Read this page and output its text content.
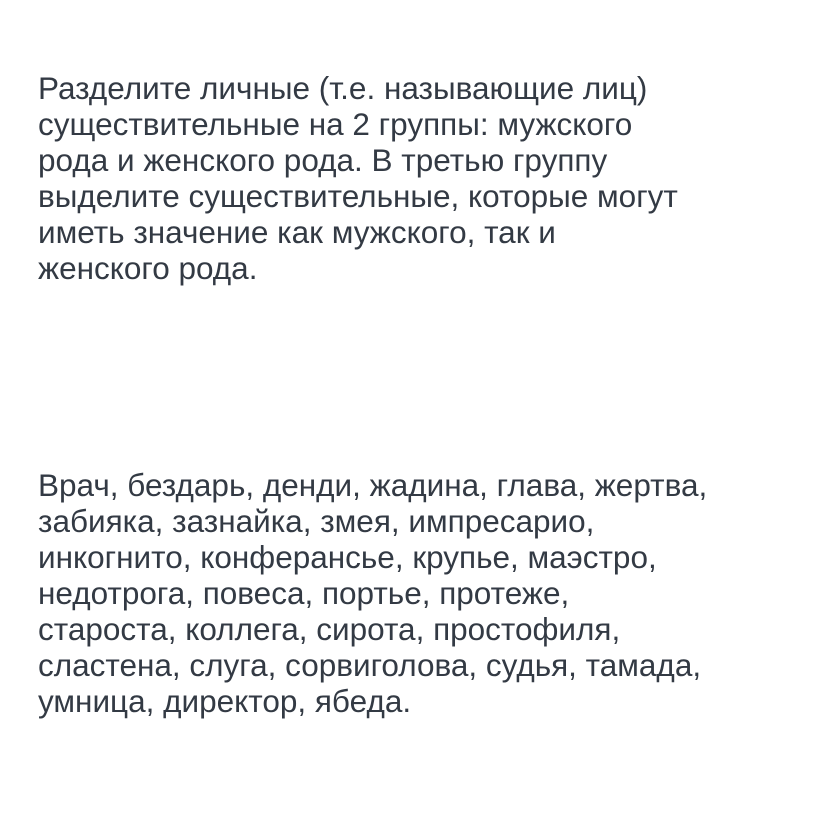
Разделите личные (т.е. называющие лиц)
существительные на 2 группы: мужского
рода и женского рода. В третью группу
выделите существительные, которые могут
иметь значение как мужского, так и
женского рода.

Врач, бездарь, денди, жадина, глава, жертва,
забияка, зазнайка, змея, импресарио,
инкогнито, конферансье, крупье, маэстро,
недотрога, повеса, портье, протеже,
староста, коллега, сирота, простофиля,
сластена, слуга, сорвиголова, судья, тамада,
умница, директор, ябеда.
